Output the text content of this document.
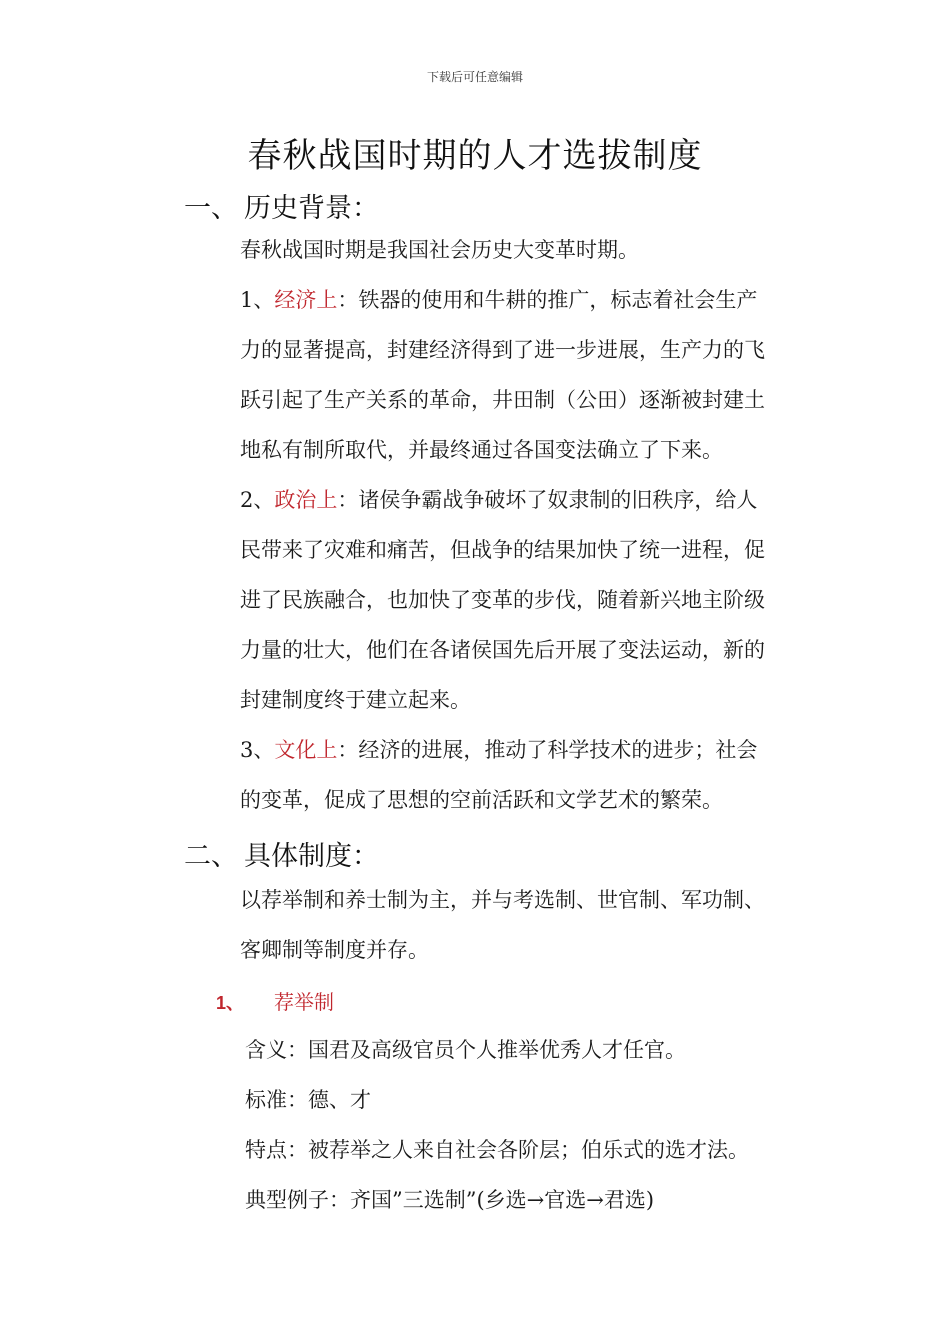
下载后可任意编辑
春秋战国时期的人才选拔制度
一、 历史背景：
春秋战国时期是我国社会历史大变革时期。
1、经济上：铁器的使用和牛耕的推广，标志着社会生产
力的显著提高，封建经济得到了进一步进展，生产力的飞
跃引起了生产关系的革命，井田制（公田）逐渐被封建土
地私有制所取代，并最终通过各国变法确立了下来。
2、政治上：诸侯争霸战争破坏了奴隶制的旧秩序，给人
民带来了灾难和痛苦，但战争的结果加快了统一进程，促
进了民族融合，也加快了变革的步伐，随着新兴地主阶级
力量的壮大，他们在各诸侯国先后开展了变法运动，新的
封建制度终于建立起来。
3、文化上：经济的进展，推动了科学技术的进步；社会
的变革，促成了思想的空前活跃和文学艺术的繁荣。
二、 具体制度：
以荐举制和养士制为主，并与考选制、世官制、军功制、
客卿制等制度并存。
1、 荐举制
含义：国君及高级官员个人推举优秀人才任官。
标准：德、才
特点：被荐举之人来自社会各阶层；伯乐式的选才法。
典型例子：齐国”三选制”(乡选→官选→君选)
